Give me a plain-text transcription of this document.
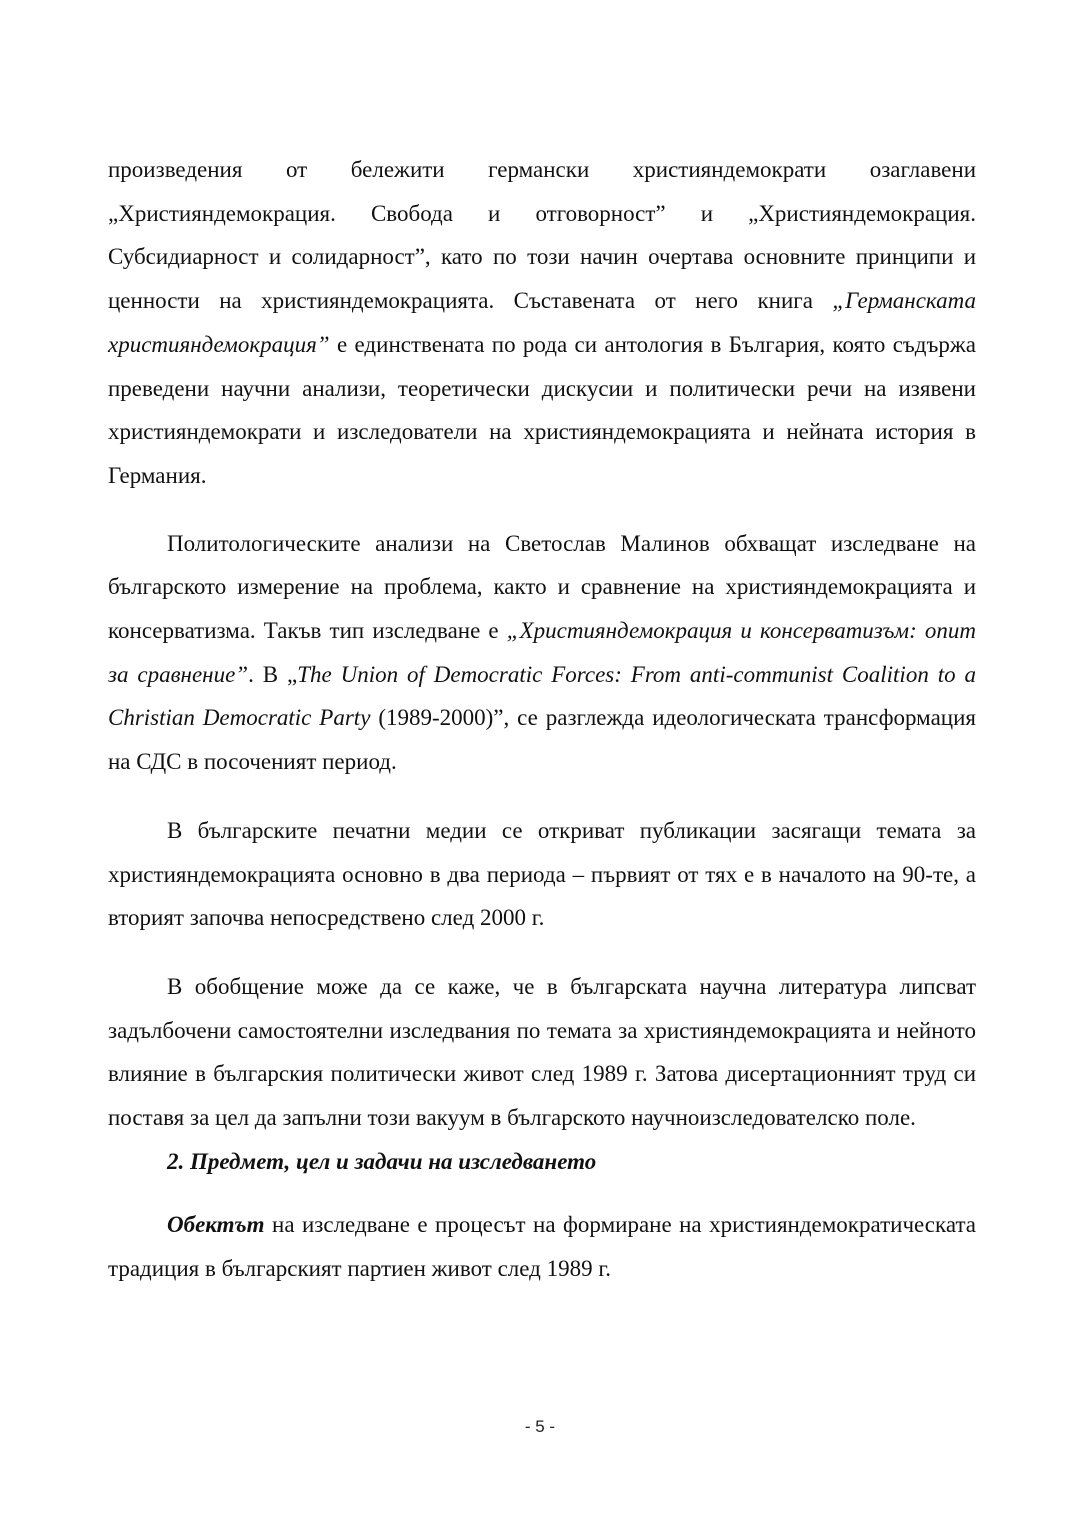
произведения от бележити германски християндемократи озаглавени „Християндемокрация. Свобода и отговорност” и „Християндемокрация. Субсидиарност и солидарност”, като по този начин очертава основните принципи и ценности на християндемокрацията. Съставената от него книга „Германската християндемокрация” е единствената по рода си антология в България, която съдържа преведени научни анализи, теоретически дискусии и политически речи на изявени християндемократи и изследователи на християндемокрацията и нейната история в Германия.

Политологическите анализи на Светослав Малинов обхващат изследване на българското измерение на проблема, както и сравнение на християндемокрацията и консерватизма. Такъв тип изследване е „Християндемокрация и консерватизъм: опит за сравнение”. В „The Union of Democratic Forces: From anti-communist Coalition to a Christian Democratic Party (1989-2000)”, се разглежда идеологическата трансформация на СДС в посоченият период.

В българските печатни медии се откриват публикации засягащи темата за християндемокрацията основно в два периода – първият от тях е в началото на 90-те, а вторият започва непосредствено след 2000 г.

В обобщение може да се каже, че в българската научна литература липсват задълбочени самостоятелни изследвания по темата за християндемокрацията и нейното влияние в българския политически живот след 1989 г. Затова дисертационният труд си поставя за цел да запълни този вакуум в българското научноизследователско поле.

2. Предмет, цел и задачи на изследването

Обектът на изследване е процесът на формиране на християндемократическата традиция в българският партиен живот след 1989 г.

- 5 -
